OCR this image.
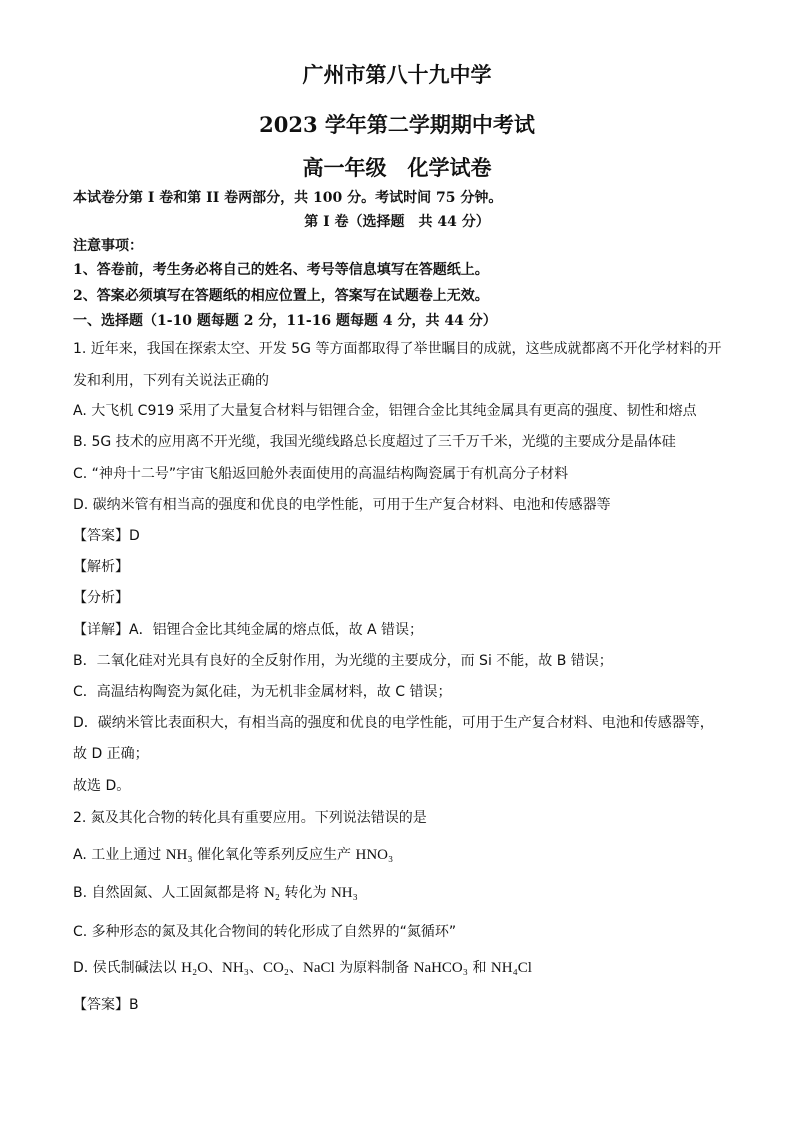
广州市第八十九中学
2023 学年第二学期期中考试
高一年级　化学试卷
本试卷分第 I 卷和第 II 卷两部分，共 100 分。考试时间 75 分钟。
第 I 卷（选择题　共 44 分）
注意事项：
1、答卷前，考生务必将自己的姓名、考号等信息填写在答题纸上。
2、答案必须填写在答题纸的相应位置上，答案写在试题卷上无效。
一、选择题（1-10 题每题 2 分，11-16 题每题 4 分，共 44 分）
1. 近年来，我国在探索太空、开发 5G 等方面都取得了举世瞩目的成就，这些成就都离不开化学材料的开
发和利用，下列有关说法正确的
A. 大飞机 C919 采用了大量复合材料与铝锂合金，铝锂合金比其纯金属具有更高的强度、韧性和熔点
B. 5G 技术的应用离不开光缆，我国光缆线路总长度超过了三千万千米，光缆的主要成分是晶体硅
C. “神舟十二号”宇宙飞船返回舱外表面使用的高温结构陶瓷属于有机高分子材料
D. 碳纳米管有相当高的强度和优良的电学性能，可用于生产复合材料、电池和传感器等
【答案】D
【解析】
【分析】
【详解】A．铝锂合金比其纯金属的熔点低，故 A 错误；
B．二氧化硅对光具有良好的全反射作用，为光缆的主要成分，而 Si 不能，故 B 错误；
C．高温结构陶瓷为氮化硅，为无机非金属材料，故 C 错误；
D．碳纳米管比表面积大，有相当高的强度和优良的电学性能，可用于生产复合材料、电池和传感器等，
故 D 正确；
故选 D。
2. 氮及其化合物的转化具有重要应用。下列说法错误的是
A. 工业上通过 NH₃ 催化氧化等系列反应生产 HNO₃
B. 自然固氮、人工固氮都是将 N₂ 转化为 NH₃
C. 多种形态的氮及其化合物间的转化形成了自然界的“氮循环”
D. 侯氏制碱法以 H₂O、NH₃、CO₂、NaCl 为原料制备 NaHCO₃ 和 NH₄Cl
【答案】B
